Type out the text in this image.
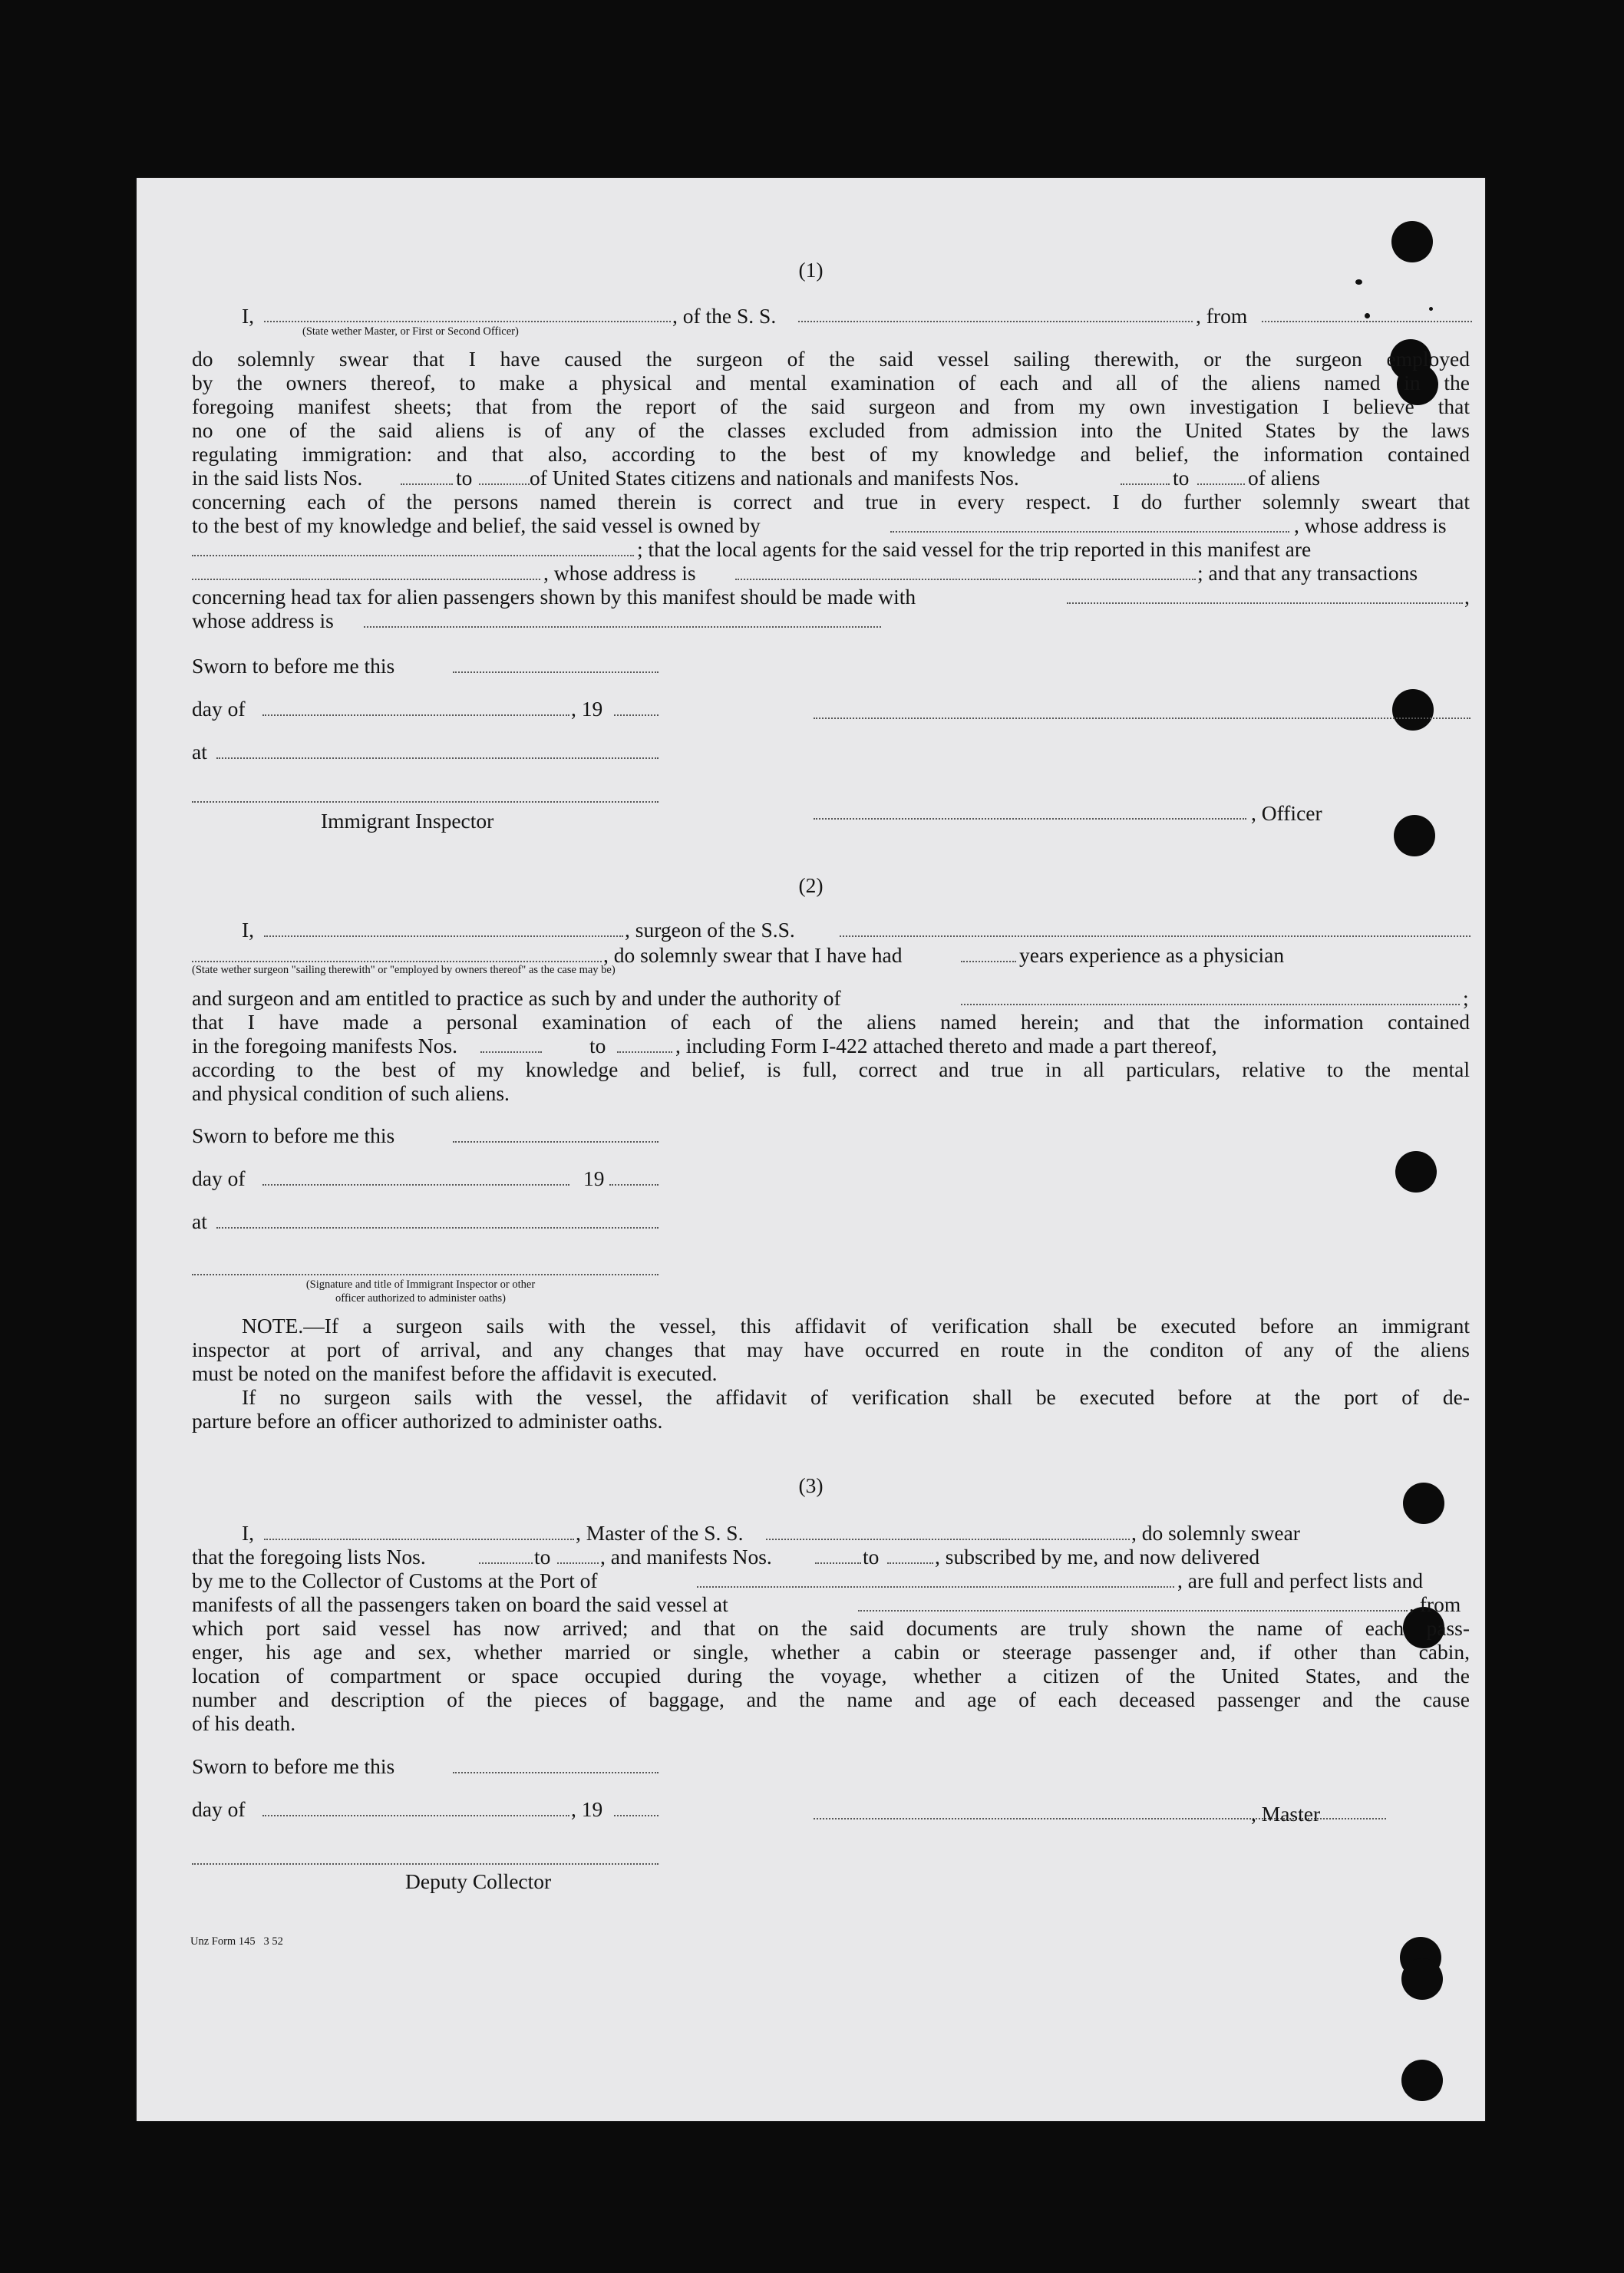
(1)
I,	, of the S. S.	, from
(State wether Master, or First or Second Officer)
do solemnly swear that I have caused the surgeon of the said vessel sailing therewith, or the surgeon employed
by the owners thereof, to make a physical and mental examination of each and all of the aliens named in the
foregoing manifest sheets; that from the report of the said surgeon and from my own investigation I believe that
no one of the said aliens is of any of the classes excluded from admission into the United States by the laws
regulating immigration: and that also, according to the best of my knowledge and belief, the information contained
in the said lists Nos.	to	of United States citizens and nationals and manifests Nos.	to	of aliens
concerning each of the persons named therein is correct and true in every respect. I do further solemnly sweart that
to the best of my knowledge and belief, the said vessel is owned by	, whose address is
; that the local agents for the said vessel for the trip reported in this manifest are
, whose address is	; and that any transactions
concerning head tax for alien passengers shown by this manifest should be made with	,
whose address is
Sworn to before me this
day of	, 19
at
Immigrant Inspector	, Officer
(2)
I,	, surgeon of the S.S.
, do solemnly swear that I have had	years experience as a physician
(State wether surgeon "sailing therewith" or "employed by owners thereof" as the case may be)
and surgeon and am entitled to practice as such by and under the authority of	;
that I have made a personal examination of each of the aliens named herein; and that the information contained
in the foregoing manifests Nos.	to	, including Form I-422 attached thereto and made a part thereof,
according to the best of my knowledge and belief, is full, correct and true in all particulars, relative to the mental
and physical condition of such aliens.
Sworn to before me this
day of	19
at
(Signature and title of Immigrant Inspector or other
officer authorized to administer oaths)
NOTE.—If a surgeon sails with the vessel, this affidavit of verification shall be executed before an immigrant
inspector at port of arrival, and any changes that may have occurred en route in the conditon of any of the aliens
must be noted on the manifest before the affidavit is executed.
If no surgeon sails with the vessel, the affidavit of verification shall be executed before at the port of de-
parture before an officer authorized to administer oaths.
(3)
I,	, Master of the S. S.	, do solemnly swear
that the foregoing lists Nos.	to , and manifests Nos.	to	, subscribed by me, and now delivered
by me to the Collector of Customs at the Port of	, are full and perfect lists and
manifests of all the passengers taken on board the said vessel at	, from
which port said vessel has now arrived; and that on the said documents are truly shown the name of each pass-
enger, his age and sex, whether married or single, whether a cabin or steerage passenger and, if other than cabin,
location of compartment or space occupied during the voyage, whether a citizen of the United States, and the
number and description of the pieces of baggage, and the name and age of each deceased passenger and the cause
of his death.
Sworn to before me this
day of	, 19	, Master
Deputy Collector
Unz Form 145   3 52
